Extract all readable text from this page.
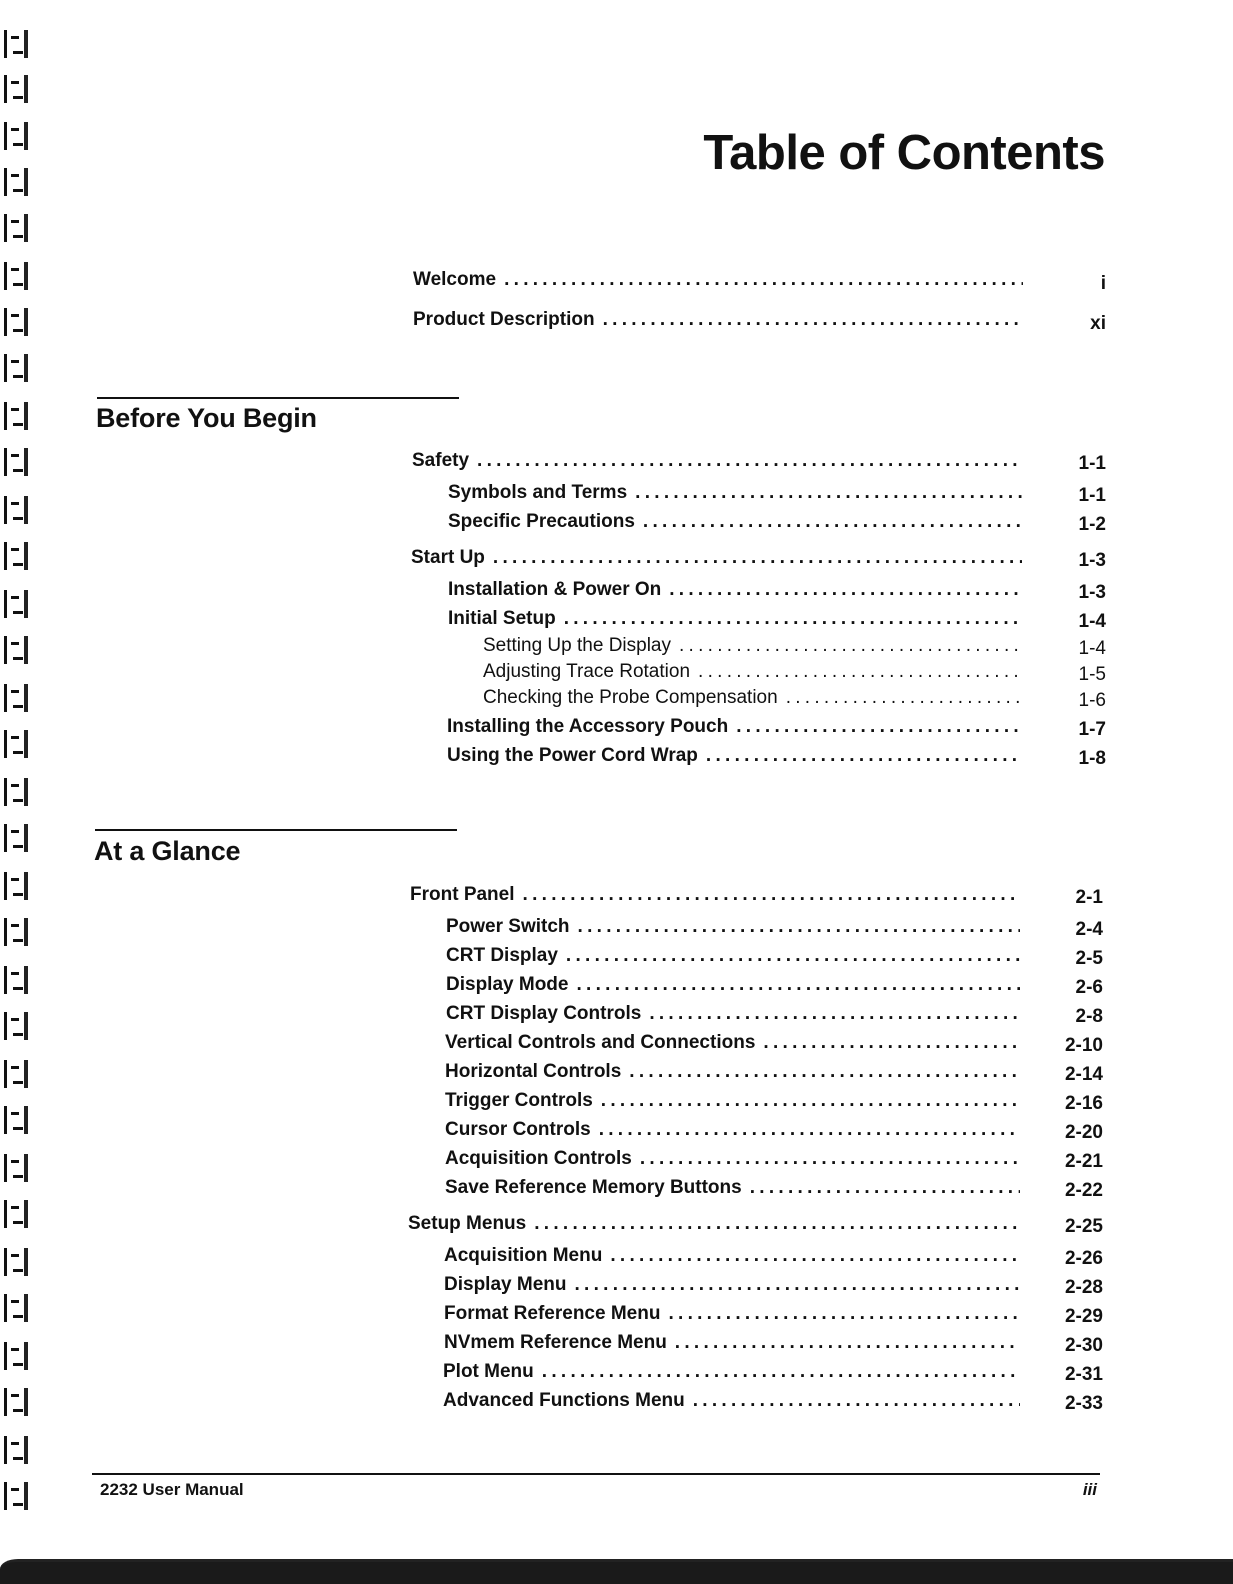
Table of Contents
Welcome . . .	i
Product Description . . .	xi
Before You Begin
Safety . . .	1-1
Symbols and Terms . . .	1-1
Specific Precautions . . .	1-2
Start Up . . .	1-3
Installation & Power On . . .	1-3
Initial Setup . . .	1-4
Setting Up the Display . . .	1-4
Adjusting Trace Rotation . . .	1-5
Checking the Probe Compensation . . .	1-6
Installing the Accessory Pouch . . .	1-7
Using the Power Cord Wrap . . .	1-8
At a Glance
Front Panel . . .	2-1
Power Switch . . .	2-4
CRT Display . . .	2-5
Display Mode . . .	2-6
CRT Display Controls . . .	2-8
Vertical Controls and Connections . . .	2-10
Horizontal Controls . . .	2-14
Trigger Controls . . .	2-16
Cursor Controls . . .	2-20
Acquisition Controls . . .	2-21
Save Reference Memory Buttons . . .	2-22
Setup Menus . . .	2-25
Acquisition Menu . . .	2-26
Display Menu . . .	2-28
Format Reference Menu . . .	2-29
NVmem Reference Menu . . .	2-30
Plot Menu . . .	2-31
Advanced Functions Menu . . .	2-33
2232 User Manual	iii
